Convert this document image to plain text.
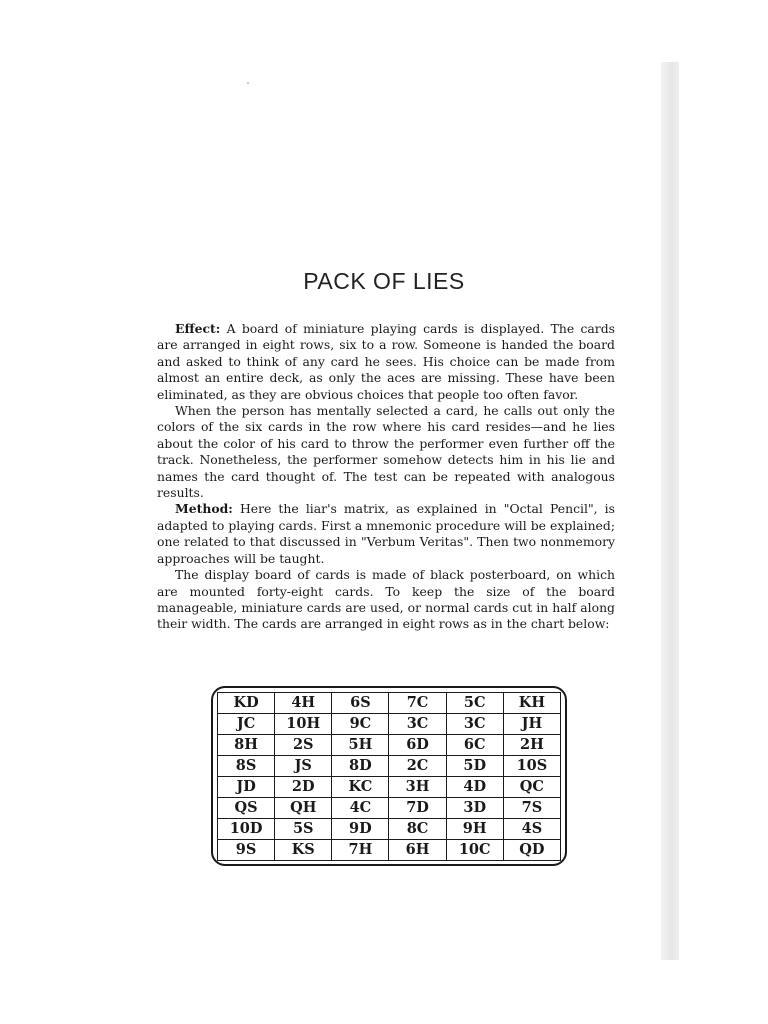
PACK OF LIES

Effect: A board of miniature playing cards is displayed. The cards are arranged in eight rows, six to a row. Someone is handed the board and asked to think of any card he sees. His choice can be made from almost an entire deck, as only the aces are missing. These have been eliminated, as they are obvious choices that people too often favor.

When the person has mentally selected a card, he calls out only the colors of the six cards in the row where his card resides—and he lies about the color of his card to throw the performer even further off the track. Nonetheless, the performer somehow detects him in his lie and names the card thought of. The test can be repeated with analogous results.

Method: Here the liar's matrix, as explained in "Octal Pencil", is adapted to playing cards. First a mnemonic procedure will be explained; one related to that discussed in "Verbum Veritas". Then two nonmemory approaches will be taught.

The display board of cards is made of black posterboard, on which are mounted forty-eight cards. To keep the size of the board manageable, miniature cards are used, or normal cards cut in half along their width. The cards are arranged in eight rows as in the chart below:

KD	4H	6S	7C	5C	KH
JC	10H	9C	3C	3C	JH
8H	2S	5H	6D	6C	2H
8S	JS	8D	2C	5D	10S
JD	2D	KC	3H	4D	QC
QS	QH	4C	7D	3D	7S
10D	5S	9D	8C	9H	4S
9S	KS	7H	6H	10C	QD
